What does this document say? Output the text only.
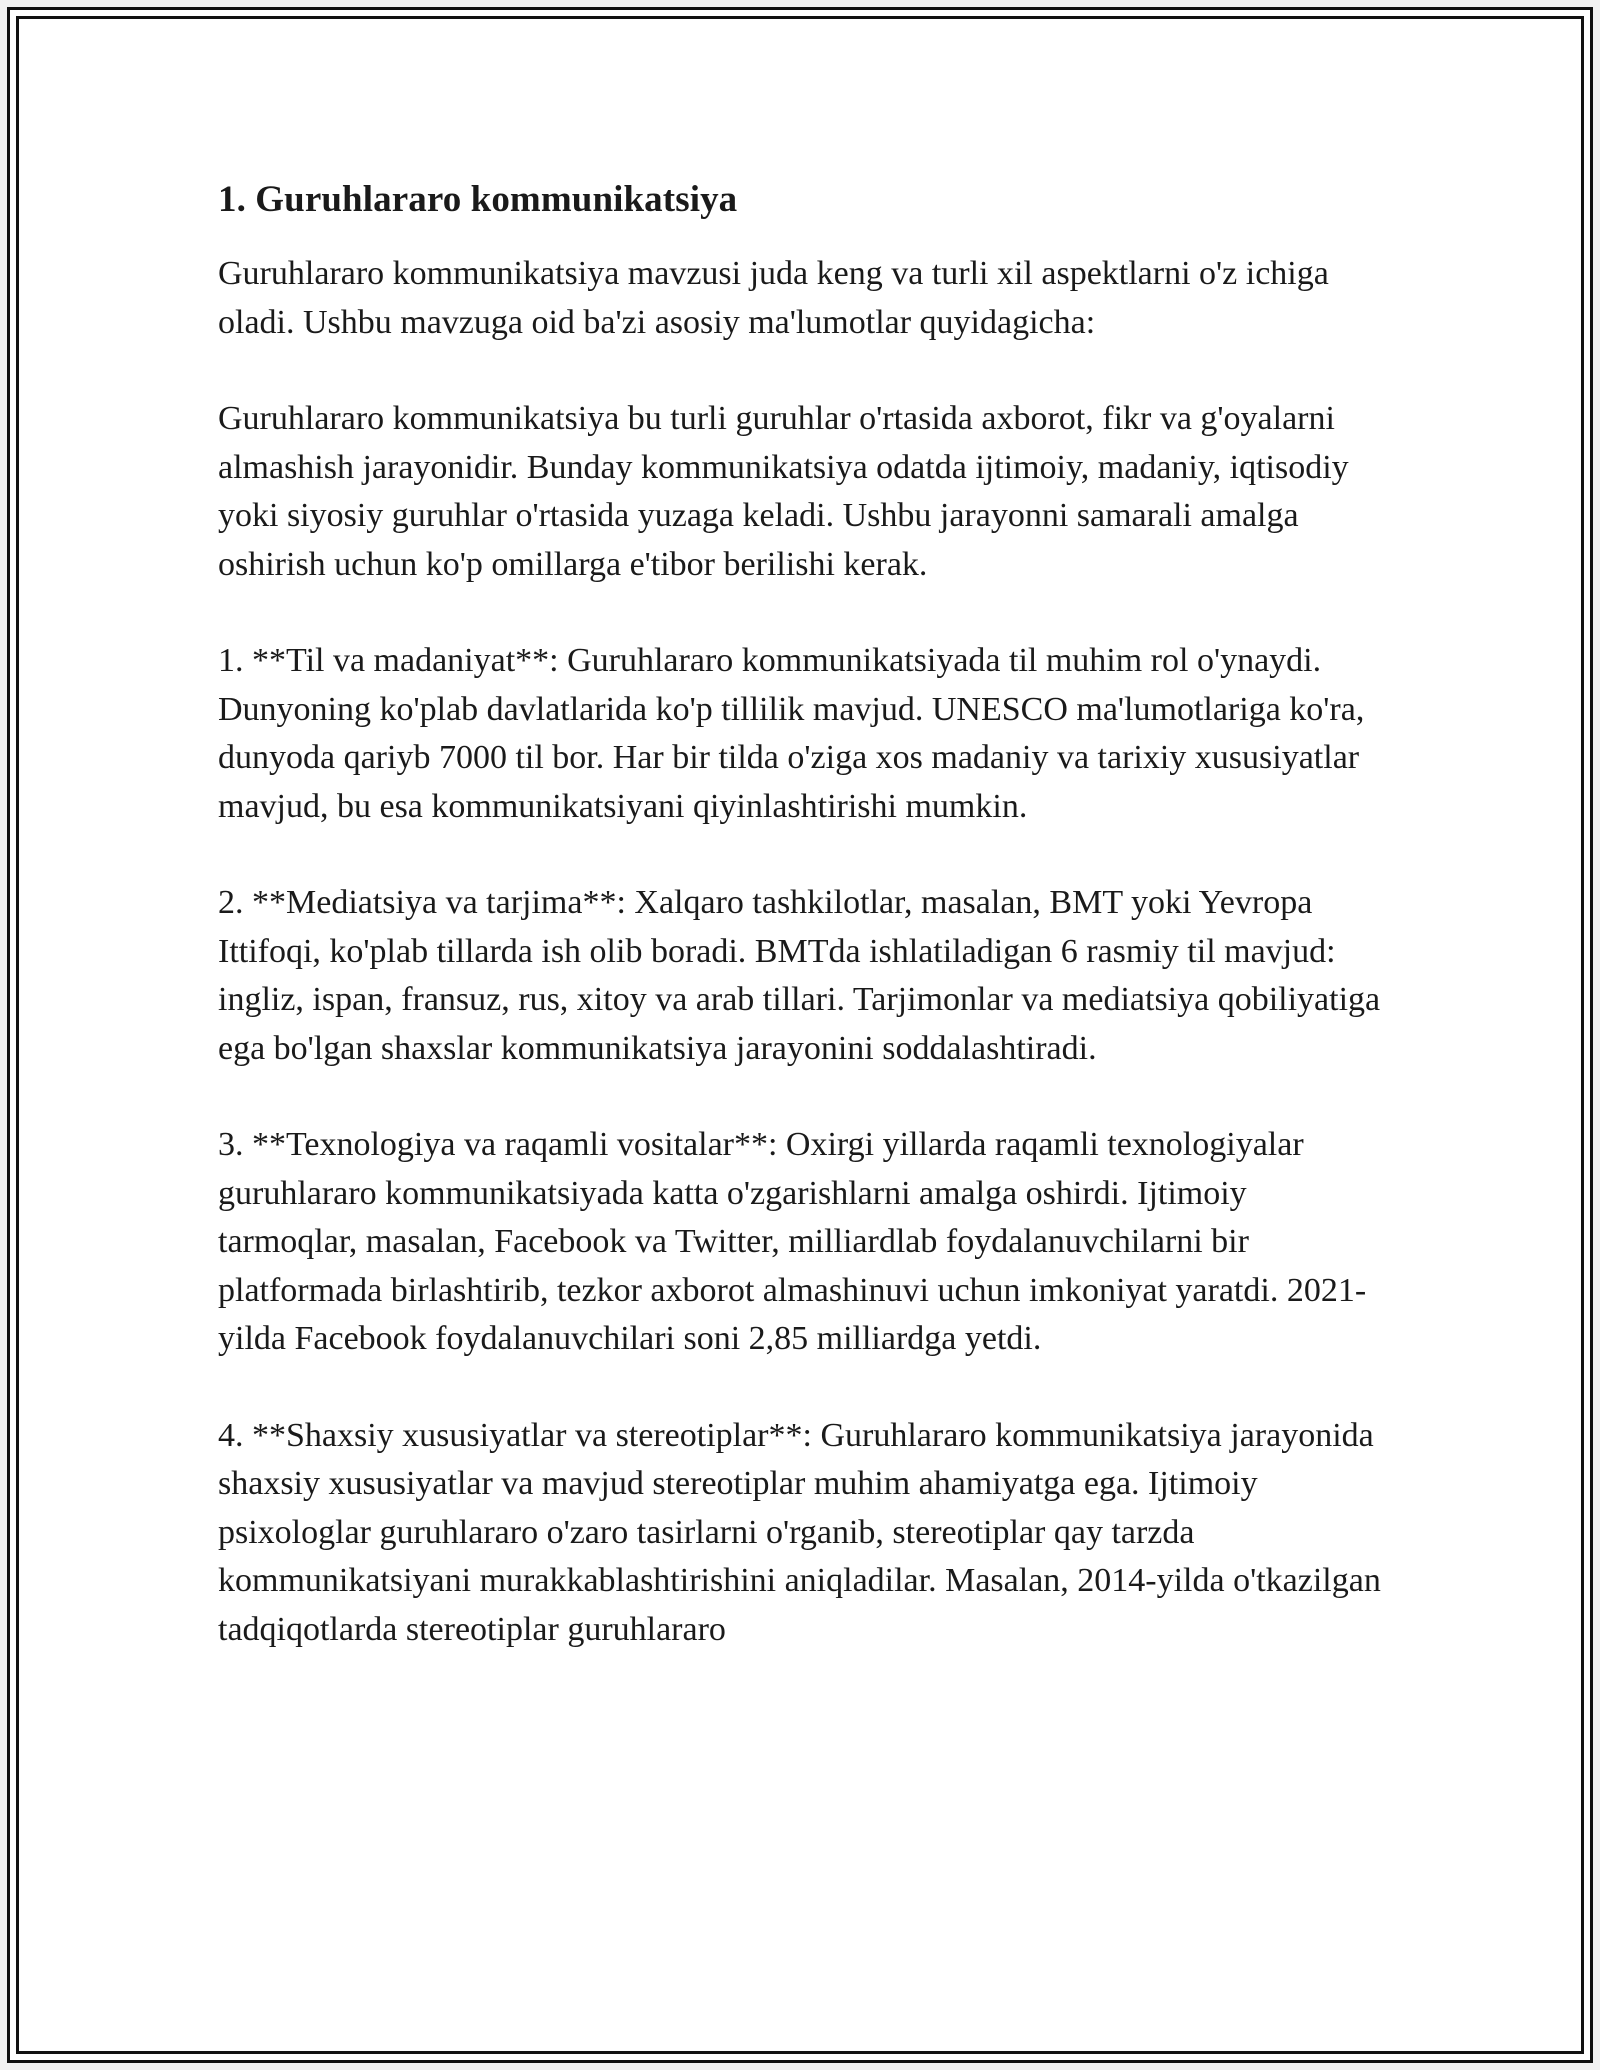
1. Guruhlararo kommunikatsiya

Guruhlararo kommunikatsiya mavzusi juda keng va turli xil aspektlarni o'z ichiga oladi. Ushbu mavzuga oid ba'zi asosiy ma'lumotlar quyidagicha:

Guruhlararo kommunikatsiya bu turli guruhlar o'rtasida axborot, fikr va g'oyalarni almashish jarayonidir. Bunday kommunikatsiya odatda ijtimoiy, madaniy, iqtisodiy yoki siyosiy guruhlar o'rtasida yuzaga keladi. Ushbu jarayonni samarali amalga oshirish uchun ko'p omillarga e'tibor berilishi kerak.

1. **Til va madaniyat**: Guruhlararo kommunikatsiyada til muhim rol o'ynaydi. Dunyoning ko'plab davlatlarida ko'p tillilik mavjud. UNESCO ma'lumotlariga ko'ra, dunyoda qariyb 7000 til bor. Har bir tilda o'ziga xos madaniy va tarixiy xususiyatlar mavjud, bu esa kommunikatsiyani qiyinlashtirishi mumkin.

2. **Mediatsiya va tarjima**: Xalqaro tashkilotlar, masalan, BMT yoki Yevropa Ittifoqi, ko'plab tillarda ish olib boradi. BMTda ishlatiladigan 6 rasmiy til mavjud: ingliz, ispan, fransuz, rus, xitoy va arab tillari. Tarjimonlar va mediatsiya qobiliyatiga ega bo'lgan shaxslar kommunikatsiya jarayonini soddalashtiradi.

3. **Texnologiya va raqamli vositalar**: Oxirgi yillarda raqamli texnologiyalar guruhlararo kommunikatsiyada katta o'zgarishlarni amalga oshirdi. Ijtimoiy tarmoqlar, masalan, Facebook va Twitter, milliardlab foydalanuvchilarni bir platformada birlashtirib, tezkor axborot almashinuvi uchun imkoniyat yaratdi. 2021-yilda Facebook foydalanuvchilari soni 2,85 milliardga yetdi.

4. **Shaxsiy xususiyatlar va stereotiplar**: Guruhlararo kommunikatsiya jarayonida shaxsiy xususiyatlar va mavjud stereotiplar muhim ahamiyatga ega. Ijtimoiy psixologlar guruhlararo o'zaro tasirlarni o'rganib, stereotiplar qay tarzda kommunikatsiyani murakkablashtirishini aniqladilar. Masalan, 2014-yilda o'tkazilgan tadqiqotlarda stereotiplar guruhlararo
